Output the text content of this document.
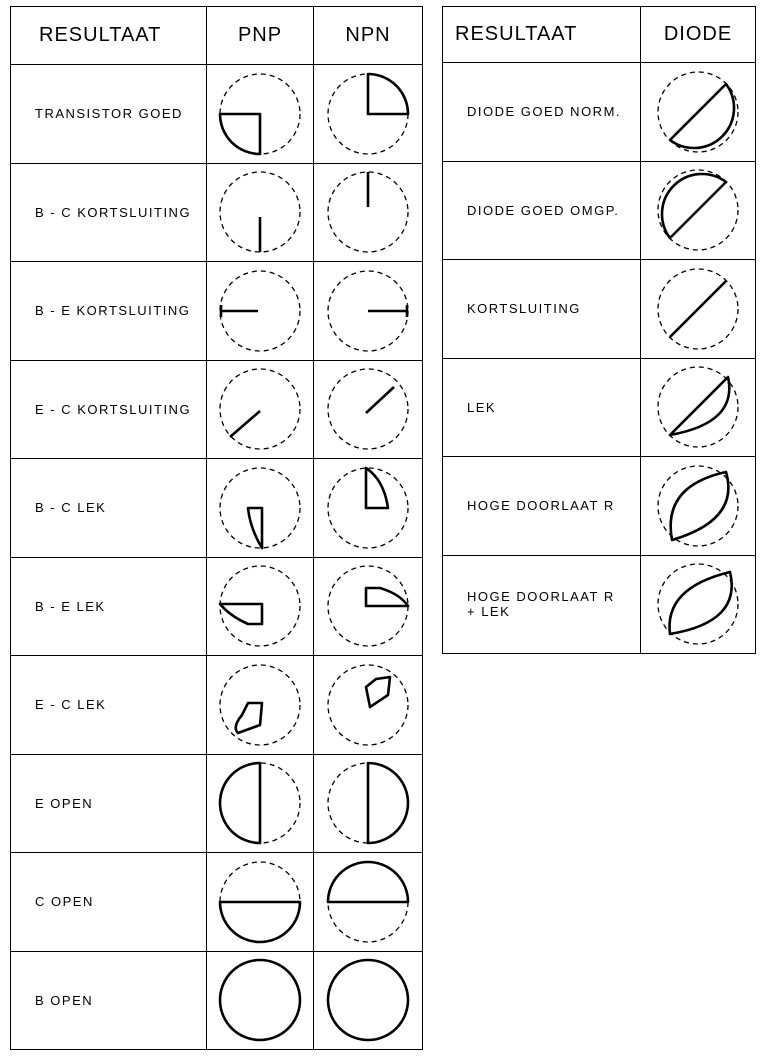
RESULTAAT	PNP	NPN
TRANSISTOR GOED	

B - C KORTSLUITING	

B - E KORTSLUITING	

E - C KORTSLUITING	

B - C LEK	

B - E LEK	

E - C LEK	

E OPEN	

C OPEN	

B OPEN	

RESULTAAT	DIODE

DIODE GOED NORM.

DIODE GOED OMGP.

KORTSLUITING

LEK

HOGE DOORLAAT R

HOGE DOORLAAT R
+ LEK
